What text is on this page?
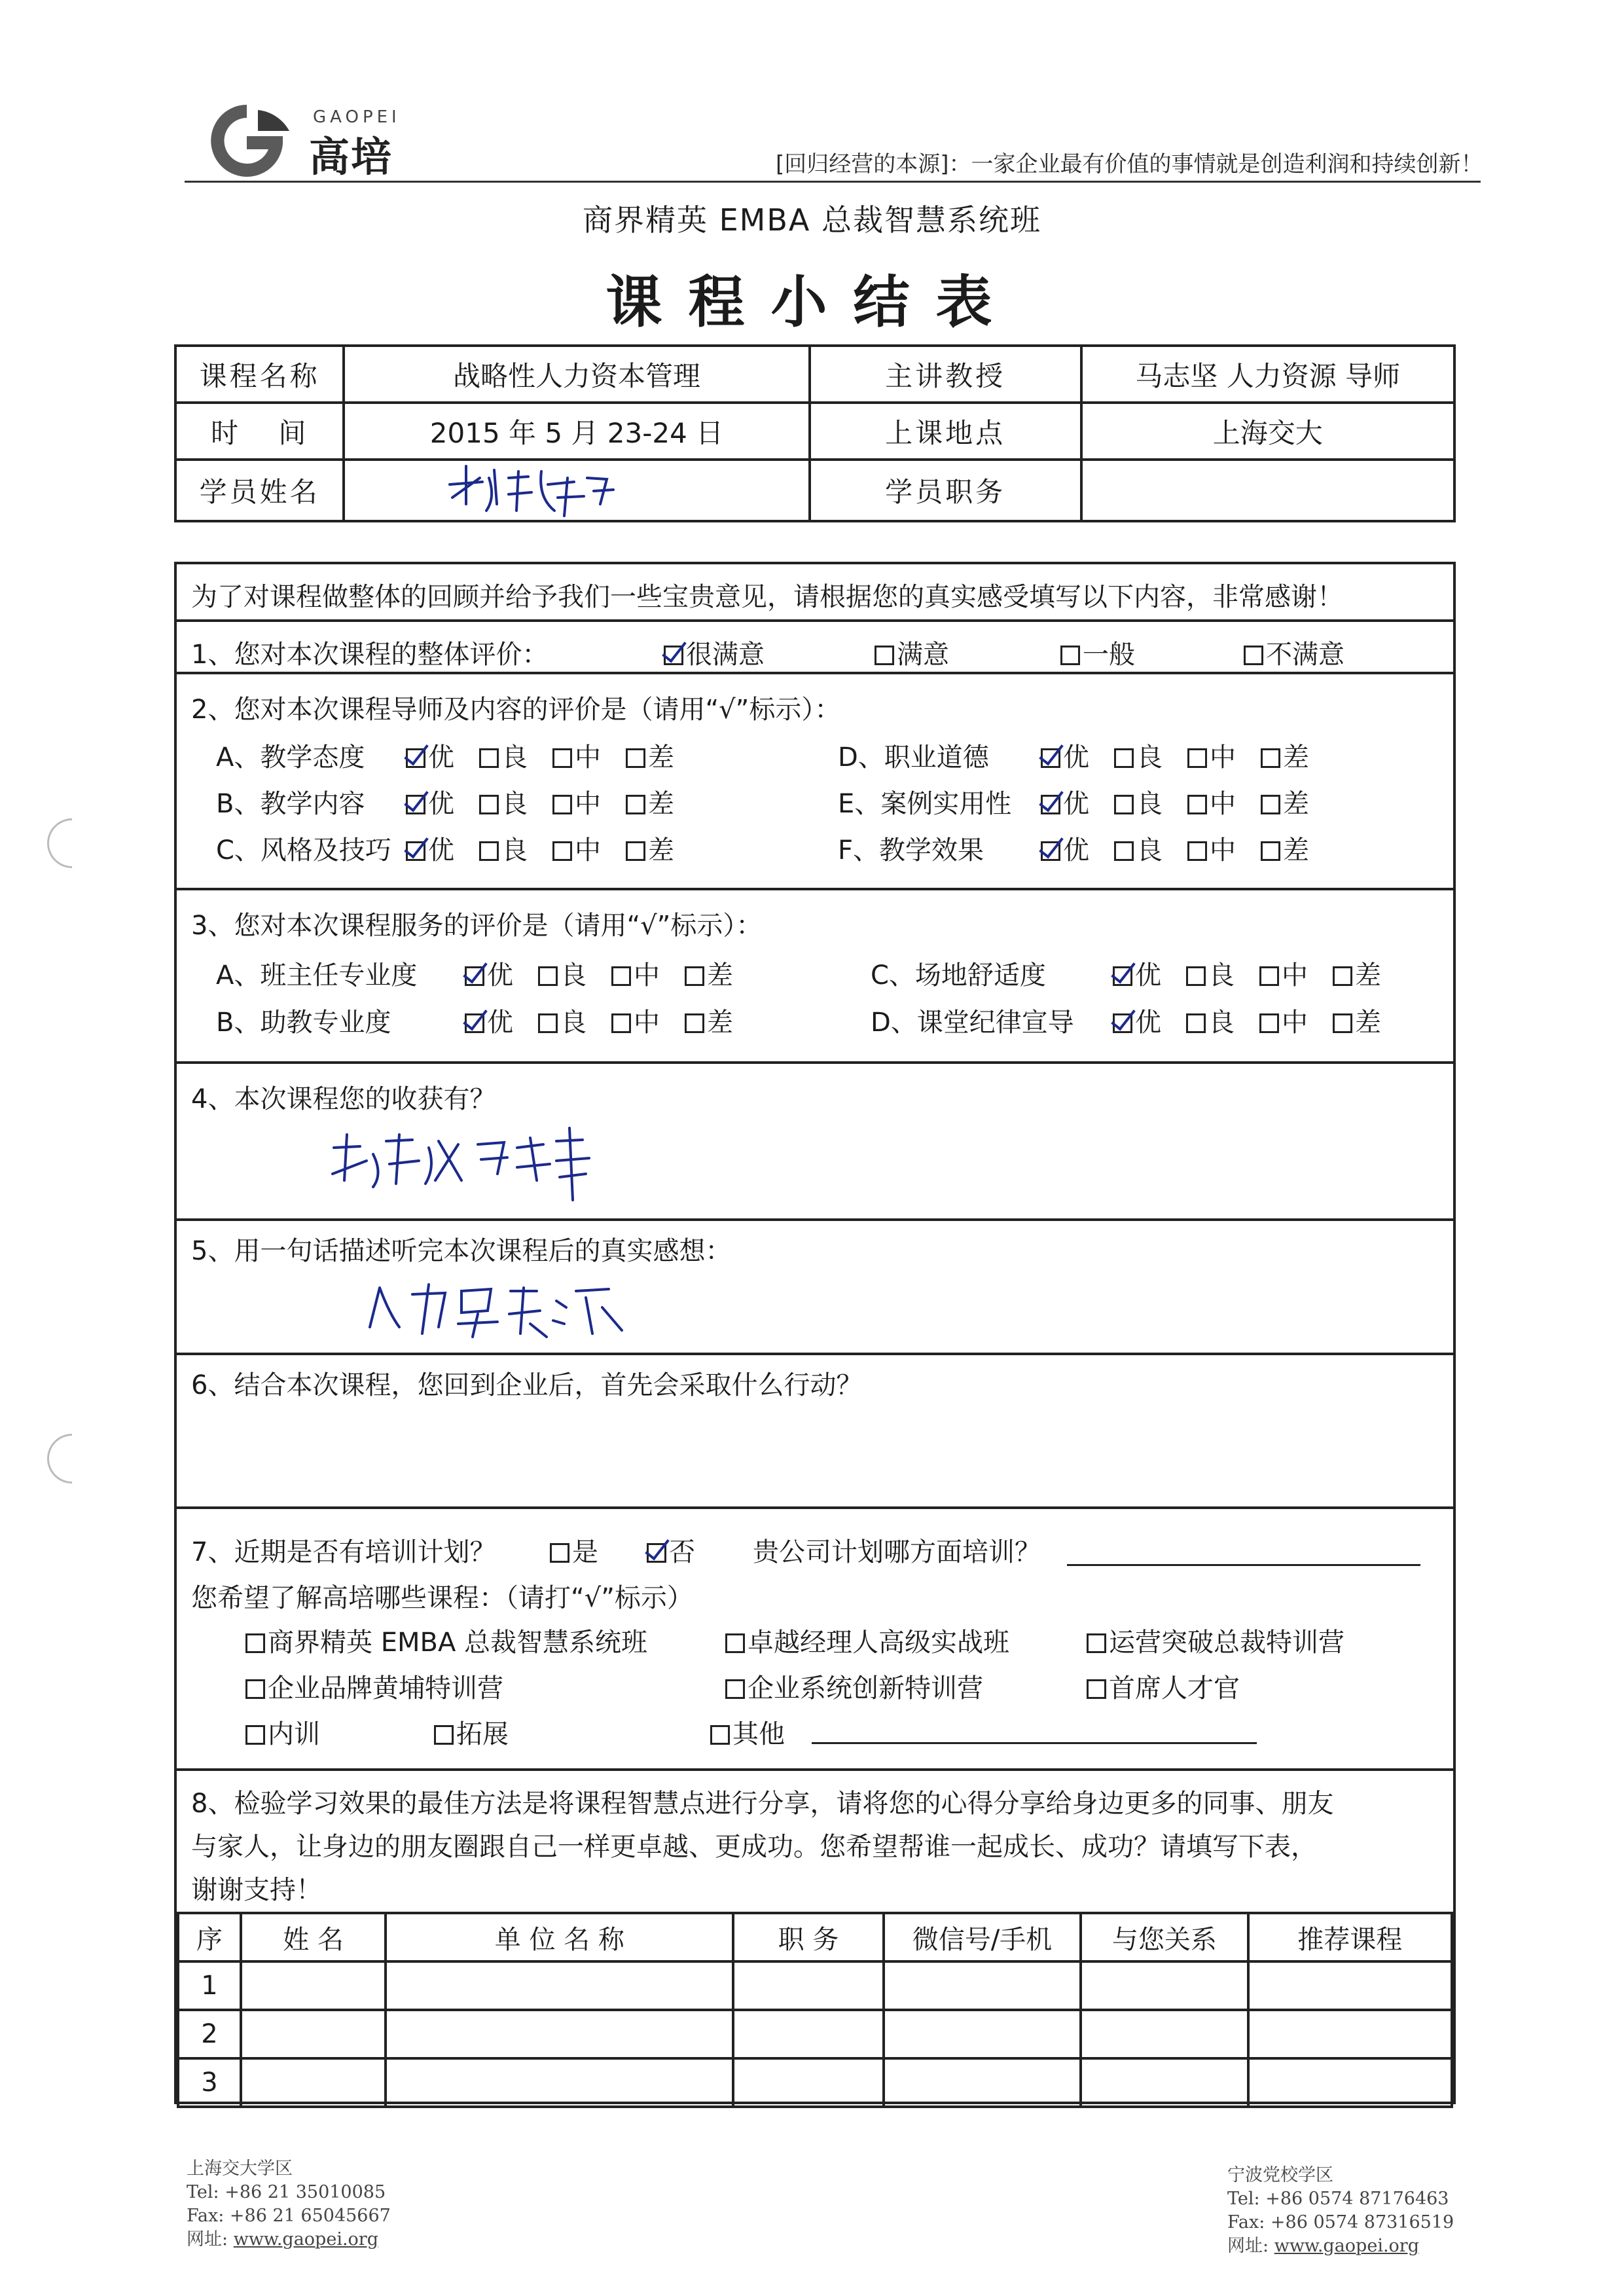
GAOPEI
高培	[回归经营的本源]：一家企业最有价值的事情就是创造利润和持续创新！
商界精英 EMBA 总裁智慧系统班
课程小结表
课程名称	战略性人力资本管理	主讲教授	马志坚 人力资源 导师
时 间	2015 年 5 月 23-24 日	上课地点	上海交大
学员姓名		学员职务	
为了对课程做整体的回顾并给予我们一些宝贵意见，请根据您的真实感受填写以下内容，非常感谢！
1、您对本次课程的整体评价：	很满意	满意	一般	不满意
2、您对本次课程导师及内容的评价是（请用“√”标示）：
A、教学态度 优 良 中 差
B、教学内容 优 良 中 差
C、风格及技巧 优 良 中 差
D、职业道德	优 良 中 差
E、案例实用性 优 良 中 差
F、教学效果	优 良 中 差
3、您对本次课程服务的评价是（请用“√”标示）：
A、班主任专业度	优 良 中 差
B、助教专业度	优 良 中 差
C、场地舒适度	优 良 中 差
D、课堂纪律宣导 优 良 中 差
4、本次课程您的收获有？
5、用一句话描述听完本次课程后的真实感想：
6、结合本次课程，您回到企业后，首先会采取什么行动？
7、近期是否有培训计划？	是	否 贵公司计划哪方面培训？
您希望了解高培哪些课程：（请打“√”标示）
商界精英 EMBA 总裁智慧系统班	卓越经理人高级实战班	运营突破总裁特训营
企业品牌黄埔特训营	企业系统创新特训营	首席人才官
内训	拓展	其他
8、检验学习效果的最佳方法是将课程智慧点进行分享，请将您的心得分享给身边更多的同事、朋友
与家人，让身边的朋友圈跟自己一样更卓越、更成功。您希望帮谁一起成长、成功？请填写下表，
谢谢支持！
序	姓 名	单 位 名 称	职 务	微信号/手机	与您关系	推荐课程
1						
2						
3						
上海交大学区
Tel: +86 21 35010085
Fax: +86 21 65045667
网址: www.gaopei.org
宁波党校学区
Tel: +86 0574 87176463
Fax: +86 0574 87316519
网址: www.gaopei.org
